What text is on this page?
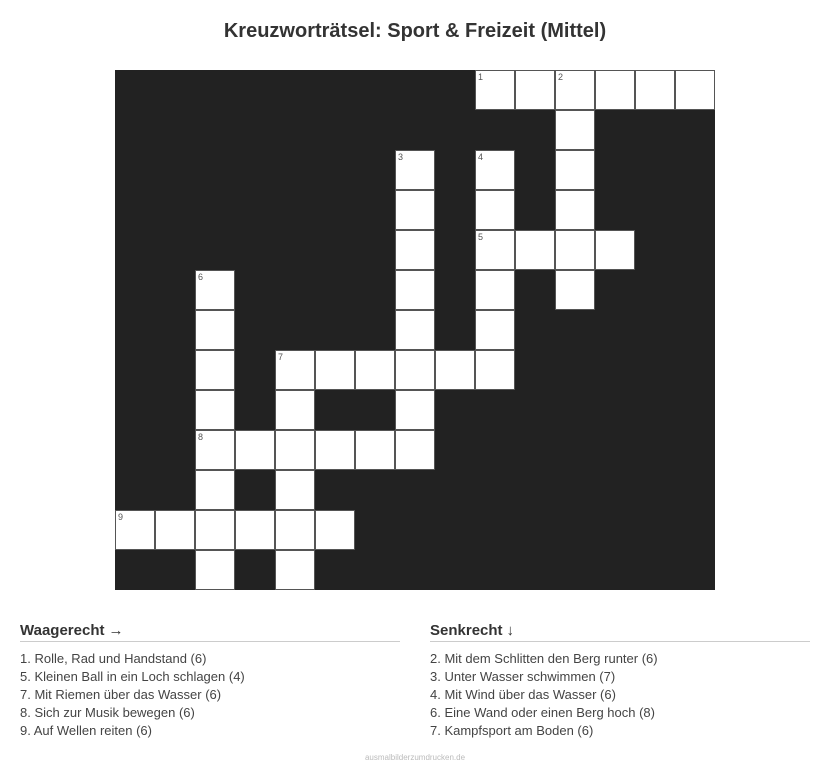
Kreuzworträtsel: Sport & Freizeit (Mittel)
1	2
3	4
5
6
7
8
9
Waagerecht →
1. Rolle, Rad und Handstand (6)
5. Kleinen Ball in ein Loch schlagen (4)
7. Mit Riemen über das Wasser (6)
8. Sich zur Musik bewegen (6)
9. Auf Wellen reiten (6)
Senkrecht ↓
2. Mit dem Schlitten den Berg runter (6)
3. Unter Wasser schwimmen (7)
4. Mit Wind über das Wasser (6)
6. Eine Wand oder einen Berg hoch (8)
7. Kampfsport am Boden (6)
ausmalbilderzumdrucken.de
